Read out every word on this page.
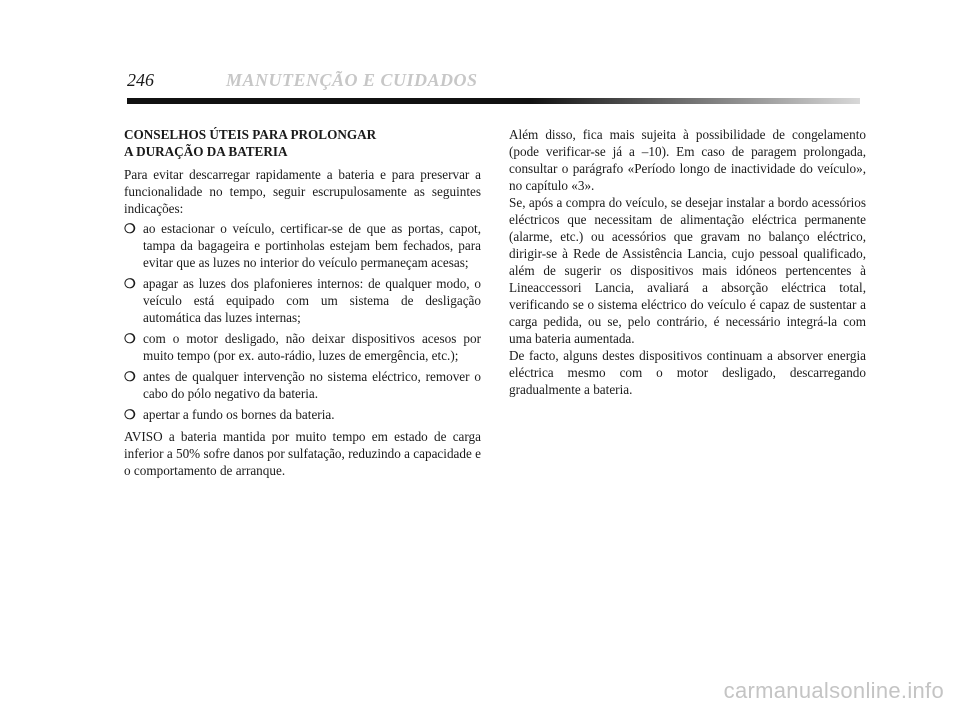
246	MANUTENÇÃO E CUIDADOS
CONSELHOS ÚTEIS PARA PROLONGAR
A DURAÇÃO DA BATERIA

Para evitar descarregar rapidamente a bateria e para preservar a funcionalidade no tempo, seguir escrupulosamente as seguintes indicações:

❍ ao estacionar o veículo, certificar-se de que as portas, capot, tampa da bagageira e portinholas estejam bem fechados, para evitar que as luzes no interior do veículo permaneçam acesas;
❍ apagar as luzes dos plafonieres internos: de qualquer modo, o veículo está equipado com um sistema de desligação automática das luzes internas;
❍ com o motor desligado, não deixar dispositivos acesos por muito tempo (por ex. auto-rádio, luzes de emergência, etc.);
❍ antes de qualquer intervenção no sistema eléctrico, remover o cabo do pólo negativo da bateria.
❍ apertar a fundo os bornes da bateria.

AVISO a bateria mantida por muito tempo em estado de carga inferior a 50% sofre danos por sulfatação, reduzindo a capacidade e o comportamento de arranque.

Além disso, fica mais sujeita à possibilidade de congelamento (pode verificar-se já a –10). Em caso de paragem prolongada, consultar o parágrafo «Período longo de inactividade do veículo», no capítulo «3».

Se, após a compra do veículo, se desejar instalar a bordo acessórios eléctricos que necessitam de alimentação eléctrica permanente (alarme, etc.) ou acessórios que gravam no balanço eléctrico, dirigir-se à Rede de Assistência Lancia, cujo pessoal qualificado, além de sugerir os dispositivos mais idóneos pertencentes à Lineaccessori Lancia, avaliará a absorção eléctrica total, verificando se o sistema eléctrico do veículo é capaz de sustentar a carga pedida, ou se, pelo contrário, é necessário integrá-la com uma bateria aumentada.

De facto, alguns destes dispositivos continuam a absorver energia eléctrica mesmo com o motor desligado, descarregando gradualmente a bateria.

carmanualsonline.info
